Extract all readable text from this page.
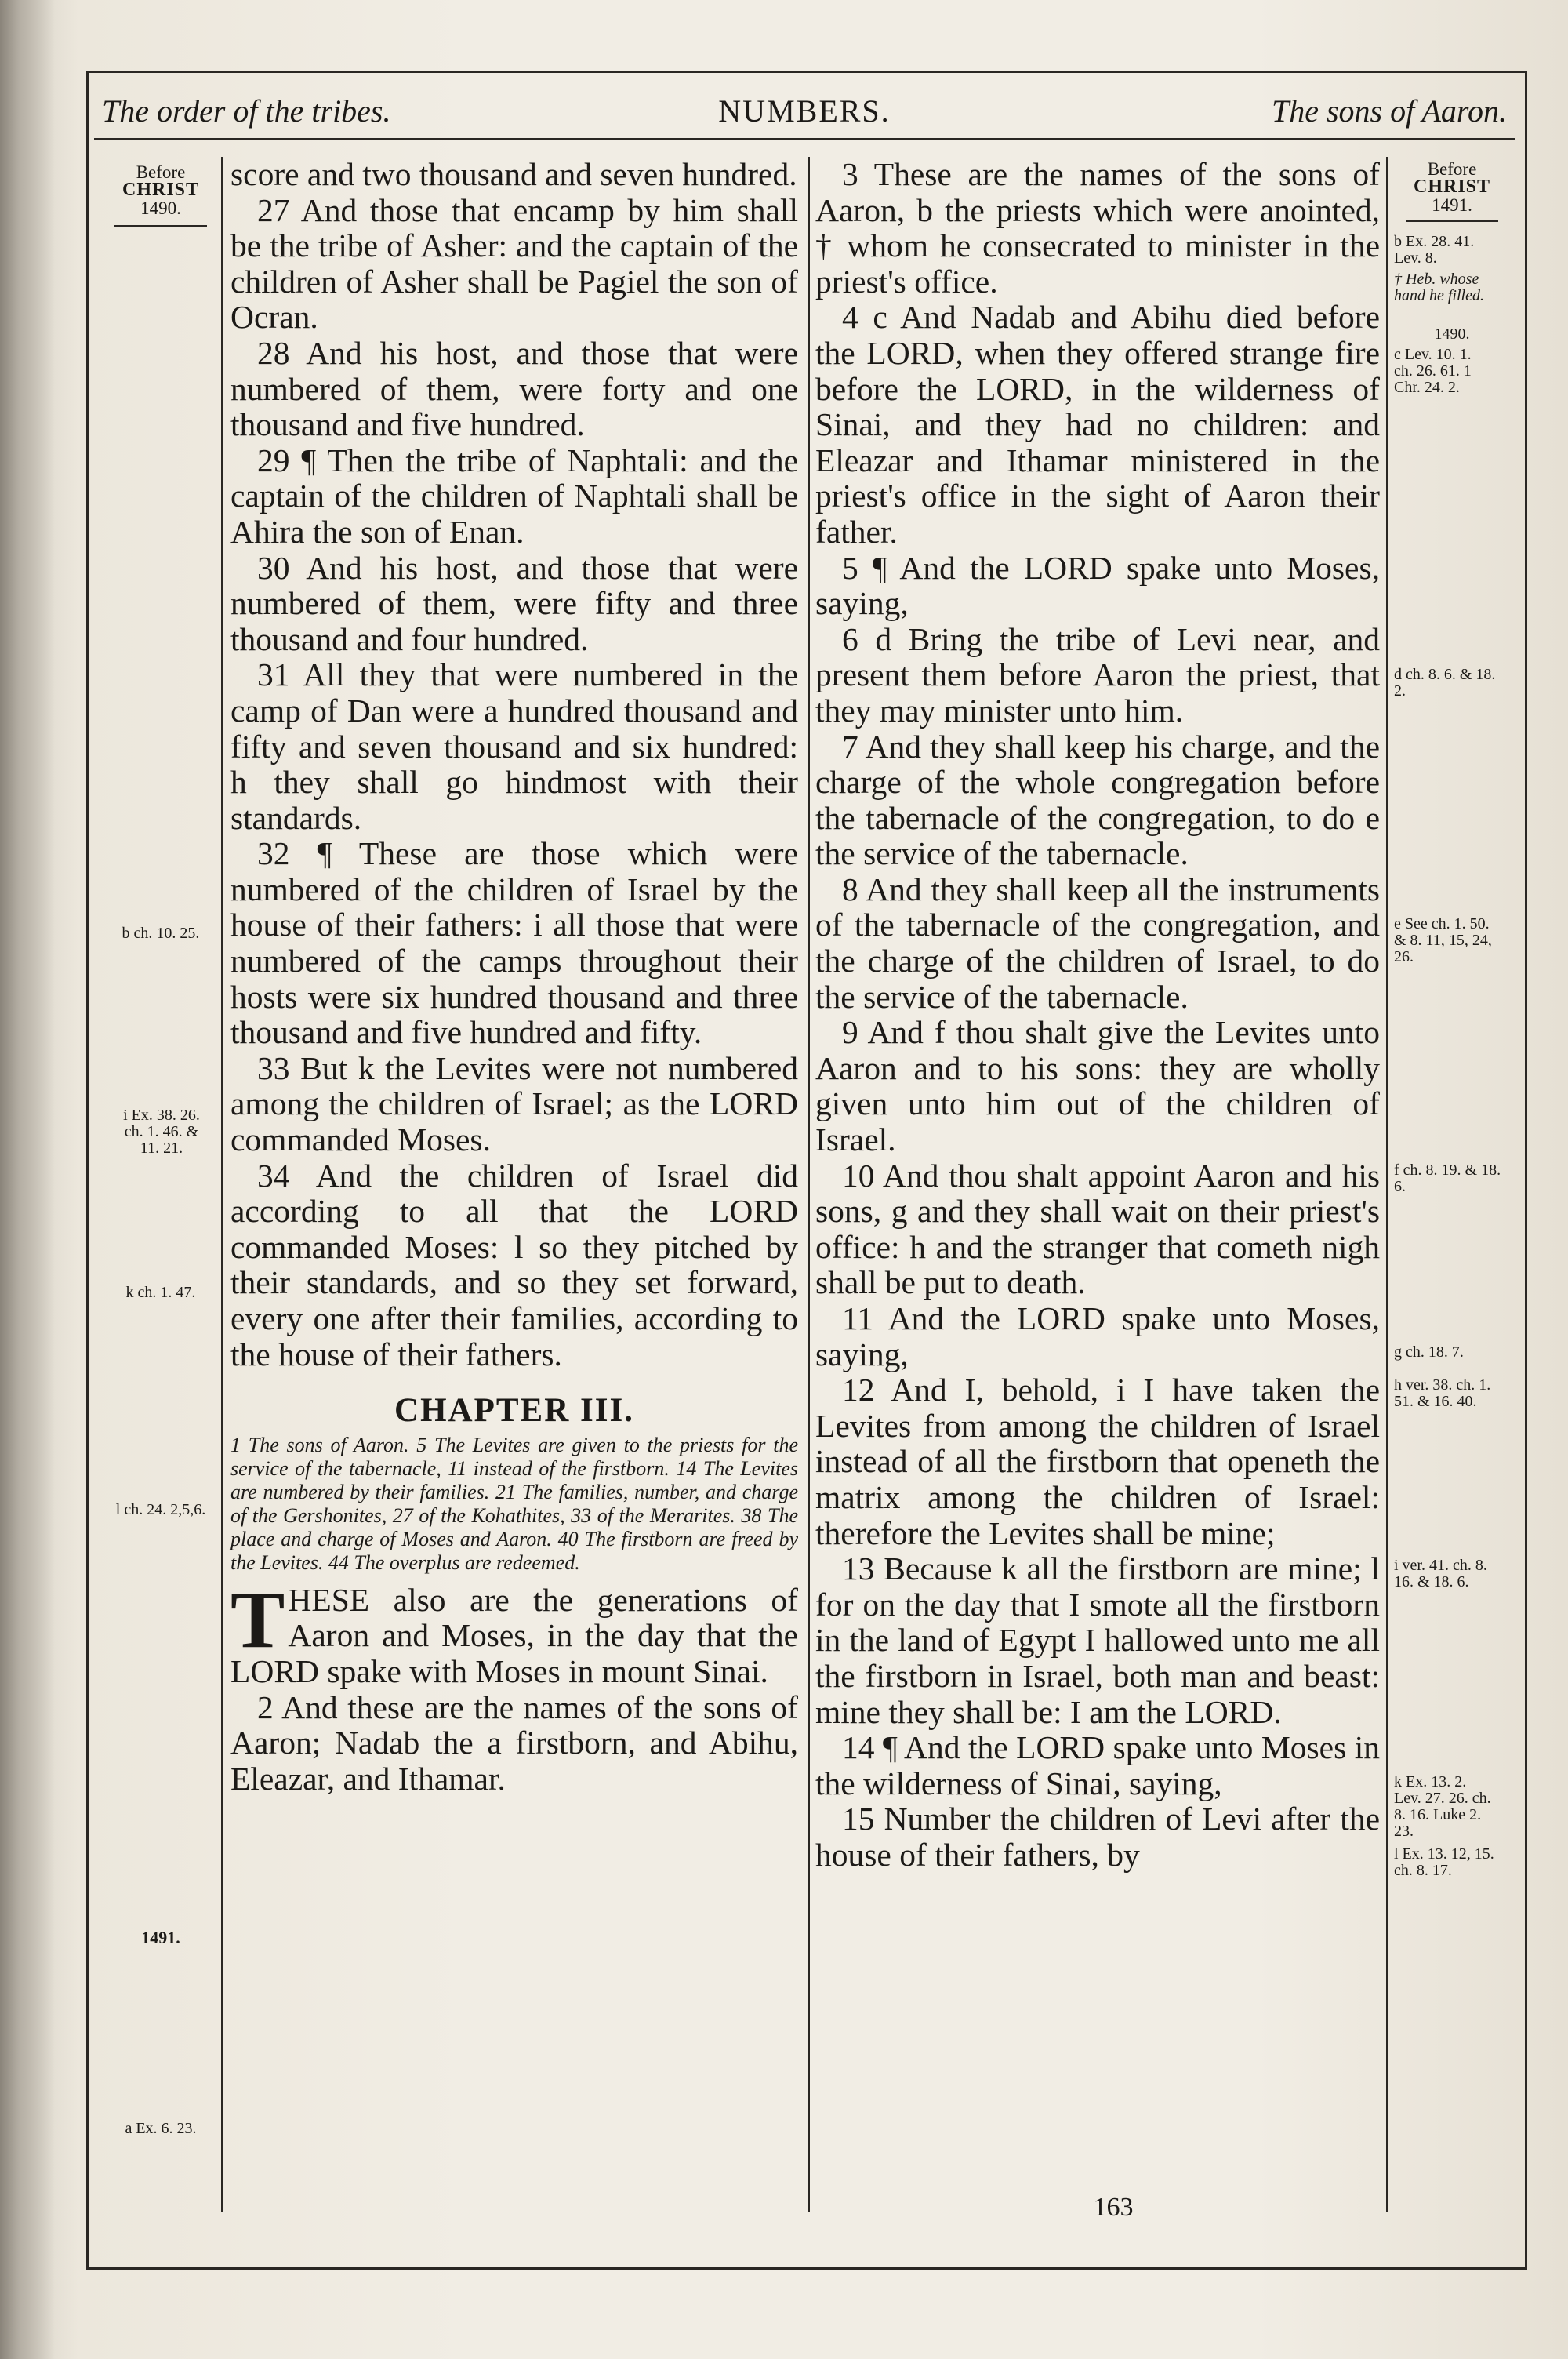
The order of the tribes.	NUMBERS.	The sons of Aaron.
Before
CHRIST
1490.
b ch. 10. 25.
i Ex. 38. 26. ch. 1. 46. & 11. 21.
k ch. 1. 47.
l ch. 24. 2,5,6.
1491.
a Ex. 6. 23.
Before
CHRIST
1491.
b Ex. 28. 41. Lev. 8.
† Heb. whose hand he filled.
1490.
c Lev. 10. 1. ch. 26. 61. 1 Chr. 24. 2.
d ch. 8. 6. & 18. 2.
e See ch. 1. 50. & 8. 11, 15, 24, 26.
f ch. 8. 19. & 18. 6.
g ch. 18. 7.
h ver. 38. ch. 1. 51. & 16. 40.
i ver. 41. ch. 8. 16. & 18. 6.
k Ex. 13. 2. Lev. 27. 26. ch. 8. 16. Luke 2. 23.
l Ex. 13. 12, 15. ch. 8. 17.

score and two thousand and seven hundred.

27 And those that encamp by him shall be the tribe of Asher: and the captain of the children of Asher shall be Pagiel the son of Ocran.

28 And his host, and those that were numbered of them, were forty and one thousand and five hundred.

29 ¶ Then the tribe of Naphtali: and the captain of the children of Naphtali shall be Ahira the son of Enan.

30 And his host, and those that were numbered of them, were fifty and three thousand and four hundred.

31 All they that were numbered in the camp of Dan were a hundred thousand and fifty and seven thousand and six hundred: h they shall go hindmost with their standards.

32 ¶ These are those which were numbered of the children of Israel by the house of their fathers: i all those that were numbered of the camps throughout their hosts were six hundred thousand and three thousand and five hundred and fifty.

33 But k the Levites were not numbered among the children of Israel; as the LORD commanded Moses.

34 And the children of Israel did according to all that the LORD commanded Moses: l so they pitched by their standards, and so they set forward, every one after their families, according to the house of their fathers.

CHAPTER III.

1 The sons of Aaron. 5 The Levites are given to the priests for the service of the tabernacle, 11 instead of the firstborn. 14 The Levites are numbered by their families. 21 The families, number, and charge of the Gershonites, 27 of the Kohathites, 33 of the Merarites. 38 The place and charge of Moses and Aaron. 40 The firstborn are freed by the Levites. 44 The overplus are redeemed.

THESE also are the generations of Aaron and Moses, in the day that the LORD spake with Moses in mount Sinai.

2 And these are the names of the sons of Aaron; Nadab the a firstborn, and Abihu, Eleazar, and Ithamar.

3 These are the names of the sons of Aaron, b the priests which were anointed, † whom he consecrated to minister in the priest's office.

4 c And Nadab and Abihu died before the LORD, when they offered strange fire before the LORD, in the wilderness of Sinai, and they had no children: and Eleazar and Ithamar ministered in the priest's office in the sight of Aaron their father.

5 ¶ And the LORD spake unto Moses, saying,

6 d Bring the tribe of Levi near, and present them before Aaron the priest, that they may minister unto him.

7 And they shall keep his charge, and the charge of the whole congregation before the tabernacle of the congregation, to do e the service of the tabernacle.

8 And they shall keep all the instruments of the tabernacle of the congregation, and the charge of the children of Israel, to do the service of the tabernacle.

9 And f thou shalt give the Levites unto Aaron and to his sons: they are wholly given unto him out of the children of Israel.

10 And thou shalt appoint Aaron and his sons, g and they shall wait on their priest's office: h and the stranger that cometh nigh shall be put to death.

11 And the LORD spake unto Moses, saying,

12 And I, behold, i I have taken the Levites from among the children of Israel instead of all the firstborn that openeth the matrix among the children of Israel: therefore the Levites shall be mine;

13 Because k all the firstborn are mine; l for on the day that I smote all the firstborn in the land of Egypt I hallowed unto me all the firstborn in Israel, both man and beast: mine they shall be: I am the LORD.

14 ¶ And the LORD spake unto Moses in the wilderness of Sinai, saying,

15 Number the children of Levi after the house of their fathers, by

163
